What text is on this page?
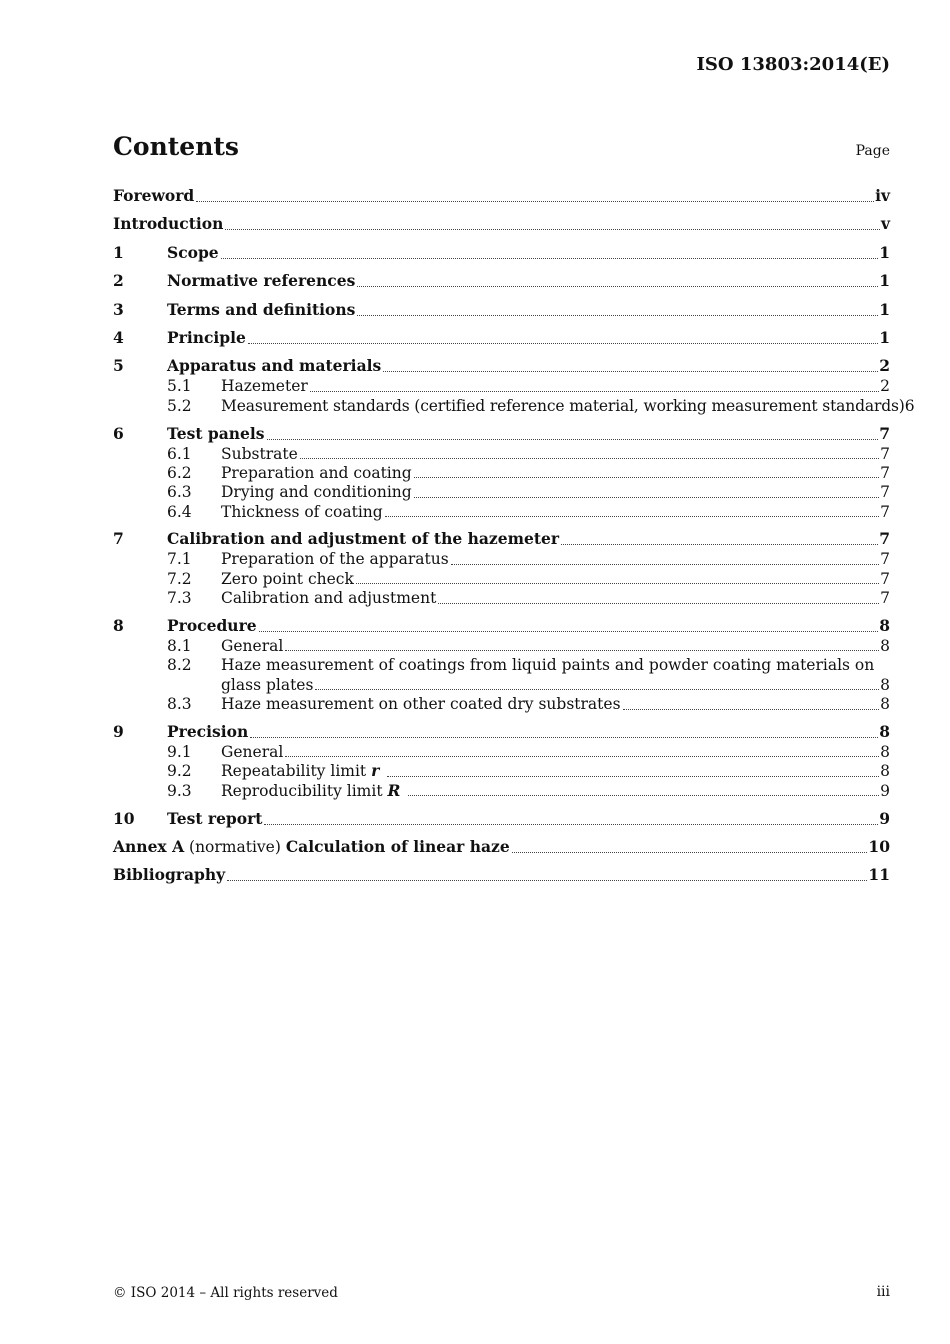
ISO 13803:2014(E)
Contents	Page
Foreword	iv
Introduction	v
1	Scope	1
2	Normative references	1
3	Terms and definitions	1
4	Principle	1
5	Apparatus and materials	2
5.1	Hazemeter	2
5.2	Measurement standards (certified reference material, working measurement standards) 6
6	Test panels	7
6.1	Substrate	7
6.2	Preparation and coating	7
6.3	Drying and conditioning	7
6.4	Thickness of coating	7
7	Calibration and adjustment of the hazemeter	7
7.1	Preparation of the apparatus	7
7.2	Zero point check	7
7.3	Calibration and adjustment	7
8	Procedure	8
8.1	General	8
8.2	Haze measurement of coatings from liquid paints and powder coating materials on
glass plates	8
8.3	Haze measurement on other coated dry substrates	8
9	Precision	8
9.1	General	8
9.2	Repeatability limit r	8
9.3	Reproducibility limit R	9
10	Test report	9
Annex A (normative) Calculation of linear haze	10
Bibliography	11
© ISO 2014 – All rights reserved	iii
